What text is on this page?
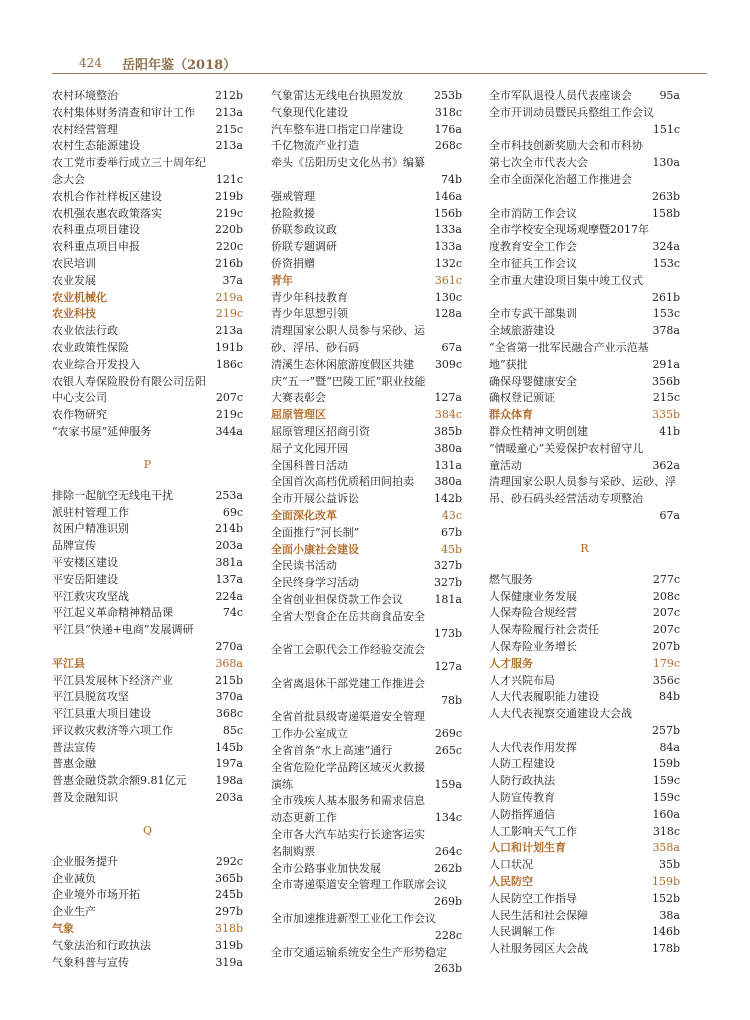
424 岳阳年鉴（2018）
农村环境整治	212b
农村集体财务清查和审计工作	213a
农村经营管理	215c
农村生态能源建设	213a
农工党市委举行成立三十周年纪念大会	121c
农机合作社样板区建设	219b
农机强农惠农政策落实	219c
农科重点项目建设	220b
农科重点项目申报	220c
农民培训	216b
农业发展	37a
农业机械化	219a
农业科技	219c
农业依法行政	213a
农业政策性保险	191b
农业综合开发投入	186c
农银人寿保险股份有限公司岳阳中心支公司	207c
农作物研究	219c
“农家书屋”延伸服务	344a
P
排除一起航空无线电干扰	253a
派驻村管理工作	69c
贫困户精准识别	214b
品牌宣传	203a
平安楼区建设	381a
平安岳阳建设	137a
平江救灾攻坚战	224a
平江起义革命精神精品课	74c
平江县“快递+电商”发展调研
270a
平江县	368a
平江县发展林下经济产业	215b
平江县脱贫攻坚	370a
平江县重大项目建设	368c
评议救灾救济等六项工作	85c
普法宣传	145b
普惠金融	197a
普惠金融贷款余额9.81亿元	198a
普及金融知识	203a
Q
企业服务提升	292c
企业减负	365b
企业境外市场开拓	245b
企业生产	297b
气象	318b
气象法治和行政执法	319b
气象科普与宣传	319a
气象雷达无线电台执照发放	253b
气象现代化建设	318c
汽车整车进口指定口岸建设	176a
千亿物流产业打造	268c
牵头《岳阳历史文化丛书》编纂
74b
强戒管理	146a
抢险救援	156b
侨联参政议政	133a
侨联专题调研	133a
侨资捐赠	132c
青年	361c
青少年科技教育	130c
青少年思想引领	128a
清理国家公职人员参与采砂、运砂、浮吊、砂石码	67a
清溪生态休闲旅游度假区共建	309c
庆“五一”暨“巴陵工匠”职业技能大赛表彰会	127a
屈原管理区	384c
屈原管理区招商引资	385b
屈子文化园开园	380a
全国科普日活动	131a
全国首次高档优质稻田间拍卖	380a
全市开展公益诉讼	142b
全面深化改革	43c
全面推行“河长制”	67b
全面小康社会建设	45b
全民读书活动	327b
全民终身学习活动	327b
全省创业担保贷款工作会议	181a
全省大型食企在岳共商食品安全
173b
全省工会职代会工作经验交流会
127a
全省离退休干部党建工作推进会
78b
全省首批县级寄递渠道安全管理工作办公室成立	269c
全省首条“水上高速”通行	265c
全省危险化学品跨区域灭火救援演练	159a
全市残疾人基本服务和需求信息动态更新工作	134c
全市各大汽车站实行长途客运实名制购票	264c
全市公路事业加快发展	262b
全市寄递渠道安全管理工作联席会议
269b
全市加速推进新型工业化工作会议
228c
全市交通运输系统安全生产形势稳定
263b
全市军队退役人员代表座谈会	95a
全市开训动员暨民兵整组工作会议
151c
全市科技创新奖励大会和市科协第七次全市代表大会	130a
全市全面深化治超工作推进会
263b
全市消防工作会议	158b
全市学校安全现场观摩暨2017年度教育安全工作会	324a
全市征兵工作会议	153c
全市重大建设项目集中竣工仪式
261b
全市专武干部集训	153c
全域旅游建设	378a
“全省第一批军民融合产业示范基地”获批	291a
确保母婴健康安全	356b
确权登记颁证	215c
群众体育	335b
群众性精神文明创建	41b
“情暖童心”关爱保护农村留守儿童活动	362a
清理国家公职人员参与采砂、运砂、浮吊、砂石码头经营活动专项整治
67a
R
燃气服务	277c
人保健康业务发展	208c
人保寿险合规经营	207c
人保寿险履行社会责任	207c
人保寿险业务增长	207b
人才服务	179c
人才兴院布局	356c
人大代表履职能力建设	84b
人大代表视察交通建设大会战
257b
人大代表作用发挥	84a
人防工程建设	159b
人防行政执法	159c
人防宣传教育	159c
人防指挥通信	160a
人工影响天气工作	318c
人口和计划生育	358a
人口状况	35b
人民防空	159b
人民防空工作指导	152b
人民生活和社会保障	38a
人民调解工作	146b
人社服务园区大会战	178b
